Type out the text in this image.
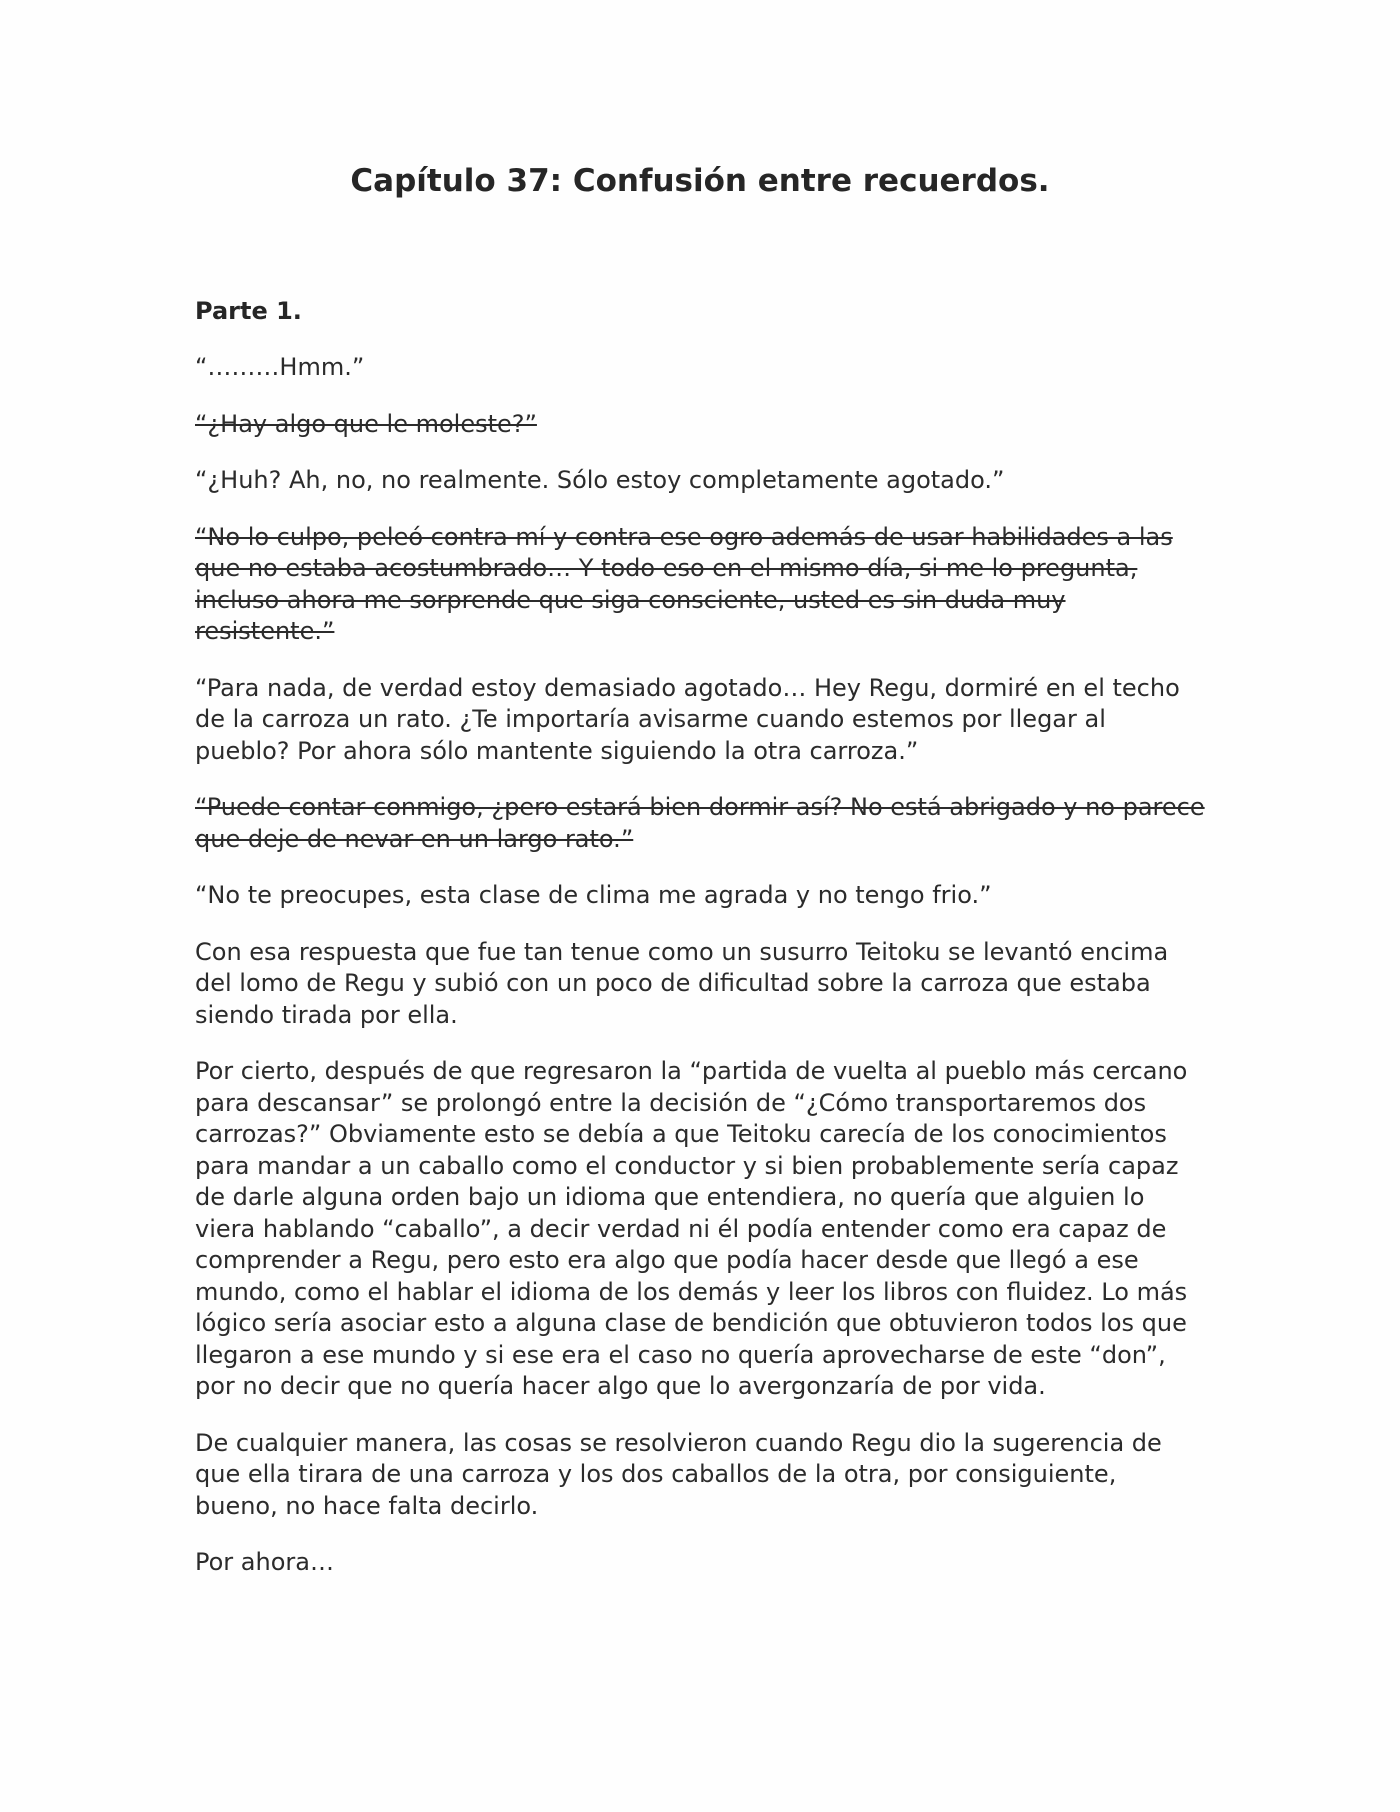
Capítulo 37: Confusión entre recuerdos.
Parte 1.

“………Hmm.”

“¿Hay algo que le moleste?”

“¿Huh? Ah, no, no realmente. Sólo estoy completamente agotado.”

“No lo culpo, peleó contra mí y contra ese ogro además de usar habilidades a las que no estaba acostumbrado… Y todo eso en el mismo día, si me lo pregunta, incluso ahora me sorprende que siga consciente, usted es sin duda muy resistente.”

“Para nada, de verdad estoy demasiado agotado… Hey Regu, dormiré en el techo de la carroza un rato. ¿Te importaría avisarme cuando estemos por llegar al pueblo? Por ahora sólo mantente siguiendo la otra carroza.”

“Puede contar conmigo, ¿pero estará bien dormir así? No está abrigado y no parece que deje de nevar en un largo rato.”

“No te preocupes, esta clase de clima me agrada y no tengo frio.”

Con esa respuesta que fue tan tenue como un susurro Teitoku se levantó encima del lomo de Regu y subió con un poco de dificultad sobre la carroza que estaba siendo tirada por ella.

Por cierto, después de que regresaron la “partida de vuelta al pueblo más cercano para descansar” se prolongó entre la decisión de “¿Cómo transportaremos dos carrozas?” Obviamente esto se debía a que Teitoku carecía de los conocimientos para mandar a un caballo como el conductor y si bien probablemente sería capaz de darle alguna orden bajo un idioma que entendiera, no quería que alguien lo viera hablando “caballo”, a decir verdad ni él podía entender como era capaz de comprender a Regu, pero esto era algo que podía hacer desde que llegó a ese mundo, como el hablar el idioma de los demás y leer los libros con fluidez. Lo más lógico sería asociar esto a alguna clase de bendición que obtuvieron todos los que llegaron a ese mundo y si ese era el caso no quería aprovecharse de este “don”, por no decir que no quería hacer algo que lo avergonzaría de por vida.

De cualquier manera, las cosas se resolvieron cuando Regu dio la sugerencia de que ella tirara de una carroza y los dos caballos de la otra, por consiguiente, bueno, no hace falta decirlo.

Por ahora…
